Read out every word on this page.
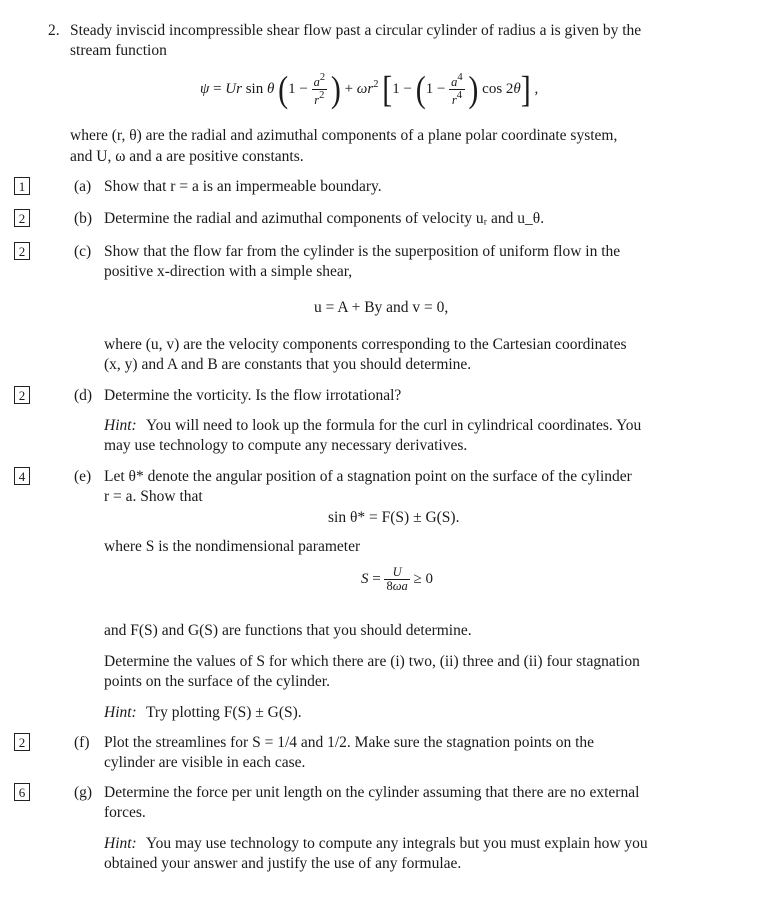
2. Steady inviscid incompressible shear flow past a circular cylinder of radius a is given by the
stream function
ψ = Ur sin θ ($1 - \frac{a^2}{r^2}$ ) + $\omega r^2$ [$1 - (1 - \frac{a^4}{r^4}$ ) cos 2θ] ,
where (r, θ) are the radial and azimuthal components of a plane polar coordinate system,
and U, ω and a are positive constants.
1	(a) Show that r = a is an impermeable boundary.
2	(b) Determine the radial and azimuthal components of velocity uᵣ and u_θ.
2	(c) Show that the flow far from the cylinder is the superposition of uniform flow in the
positive x-direction with a simple shear,
u = A + By and v = 0,
where (u, v) are the velocity components corresponding to the Cartesian coordinates
(x, y) and A and B are constants that you should determine.
2	(d) Determine the vorticity. Is the flow irrotational?
Hint: You will need to look up the formula for the curl in cylindrical coordinates. You
may use technology to compute any necessary derivatives.
4	(e) Let θ* denote the angular position of a stagnation point on the surface of the cylinder
r = a. Show that
sin θ* = F(S) ± G(S).
where S is the nondimensional parameter
$S = \frac{U}{8\omega a} \ge 0$
and F(S) and G(S) are functions that you should determine.
Determine the values of S for which there are (i) two, (ii) three and (ii) four stagnation
points on the surface of the cylinder.
Hint: Try plotting F(S) ± G(S).
2	(f) Plot the streamlines for S = 1/4 and 1/2. Make sure the stagnation points on the
cylinder are visible in each case.
6	(g) Determine the force per unit length on the cylinder assuming that there are no external
forces.
Hint: You may use technology to compute any integrals but you must explain how you
obtained your answer and justify the use of any formulae.
